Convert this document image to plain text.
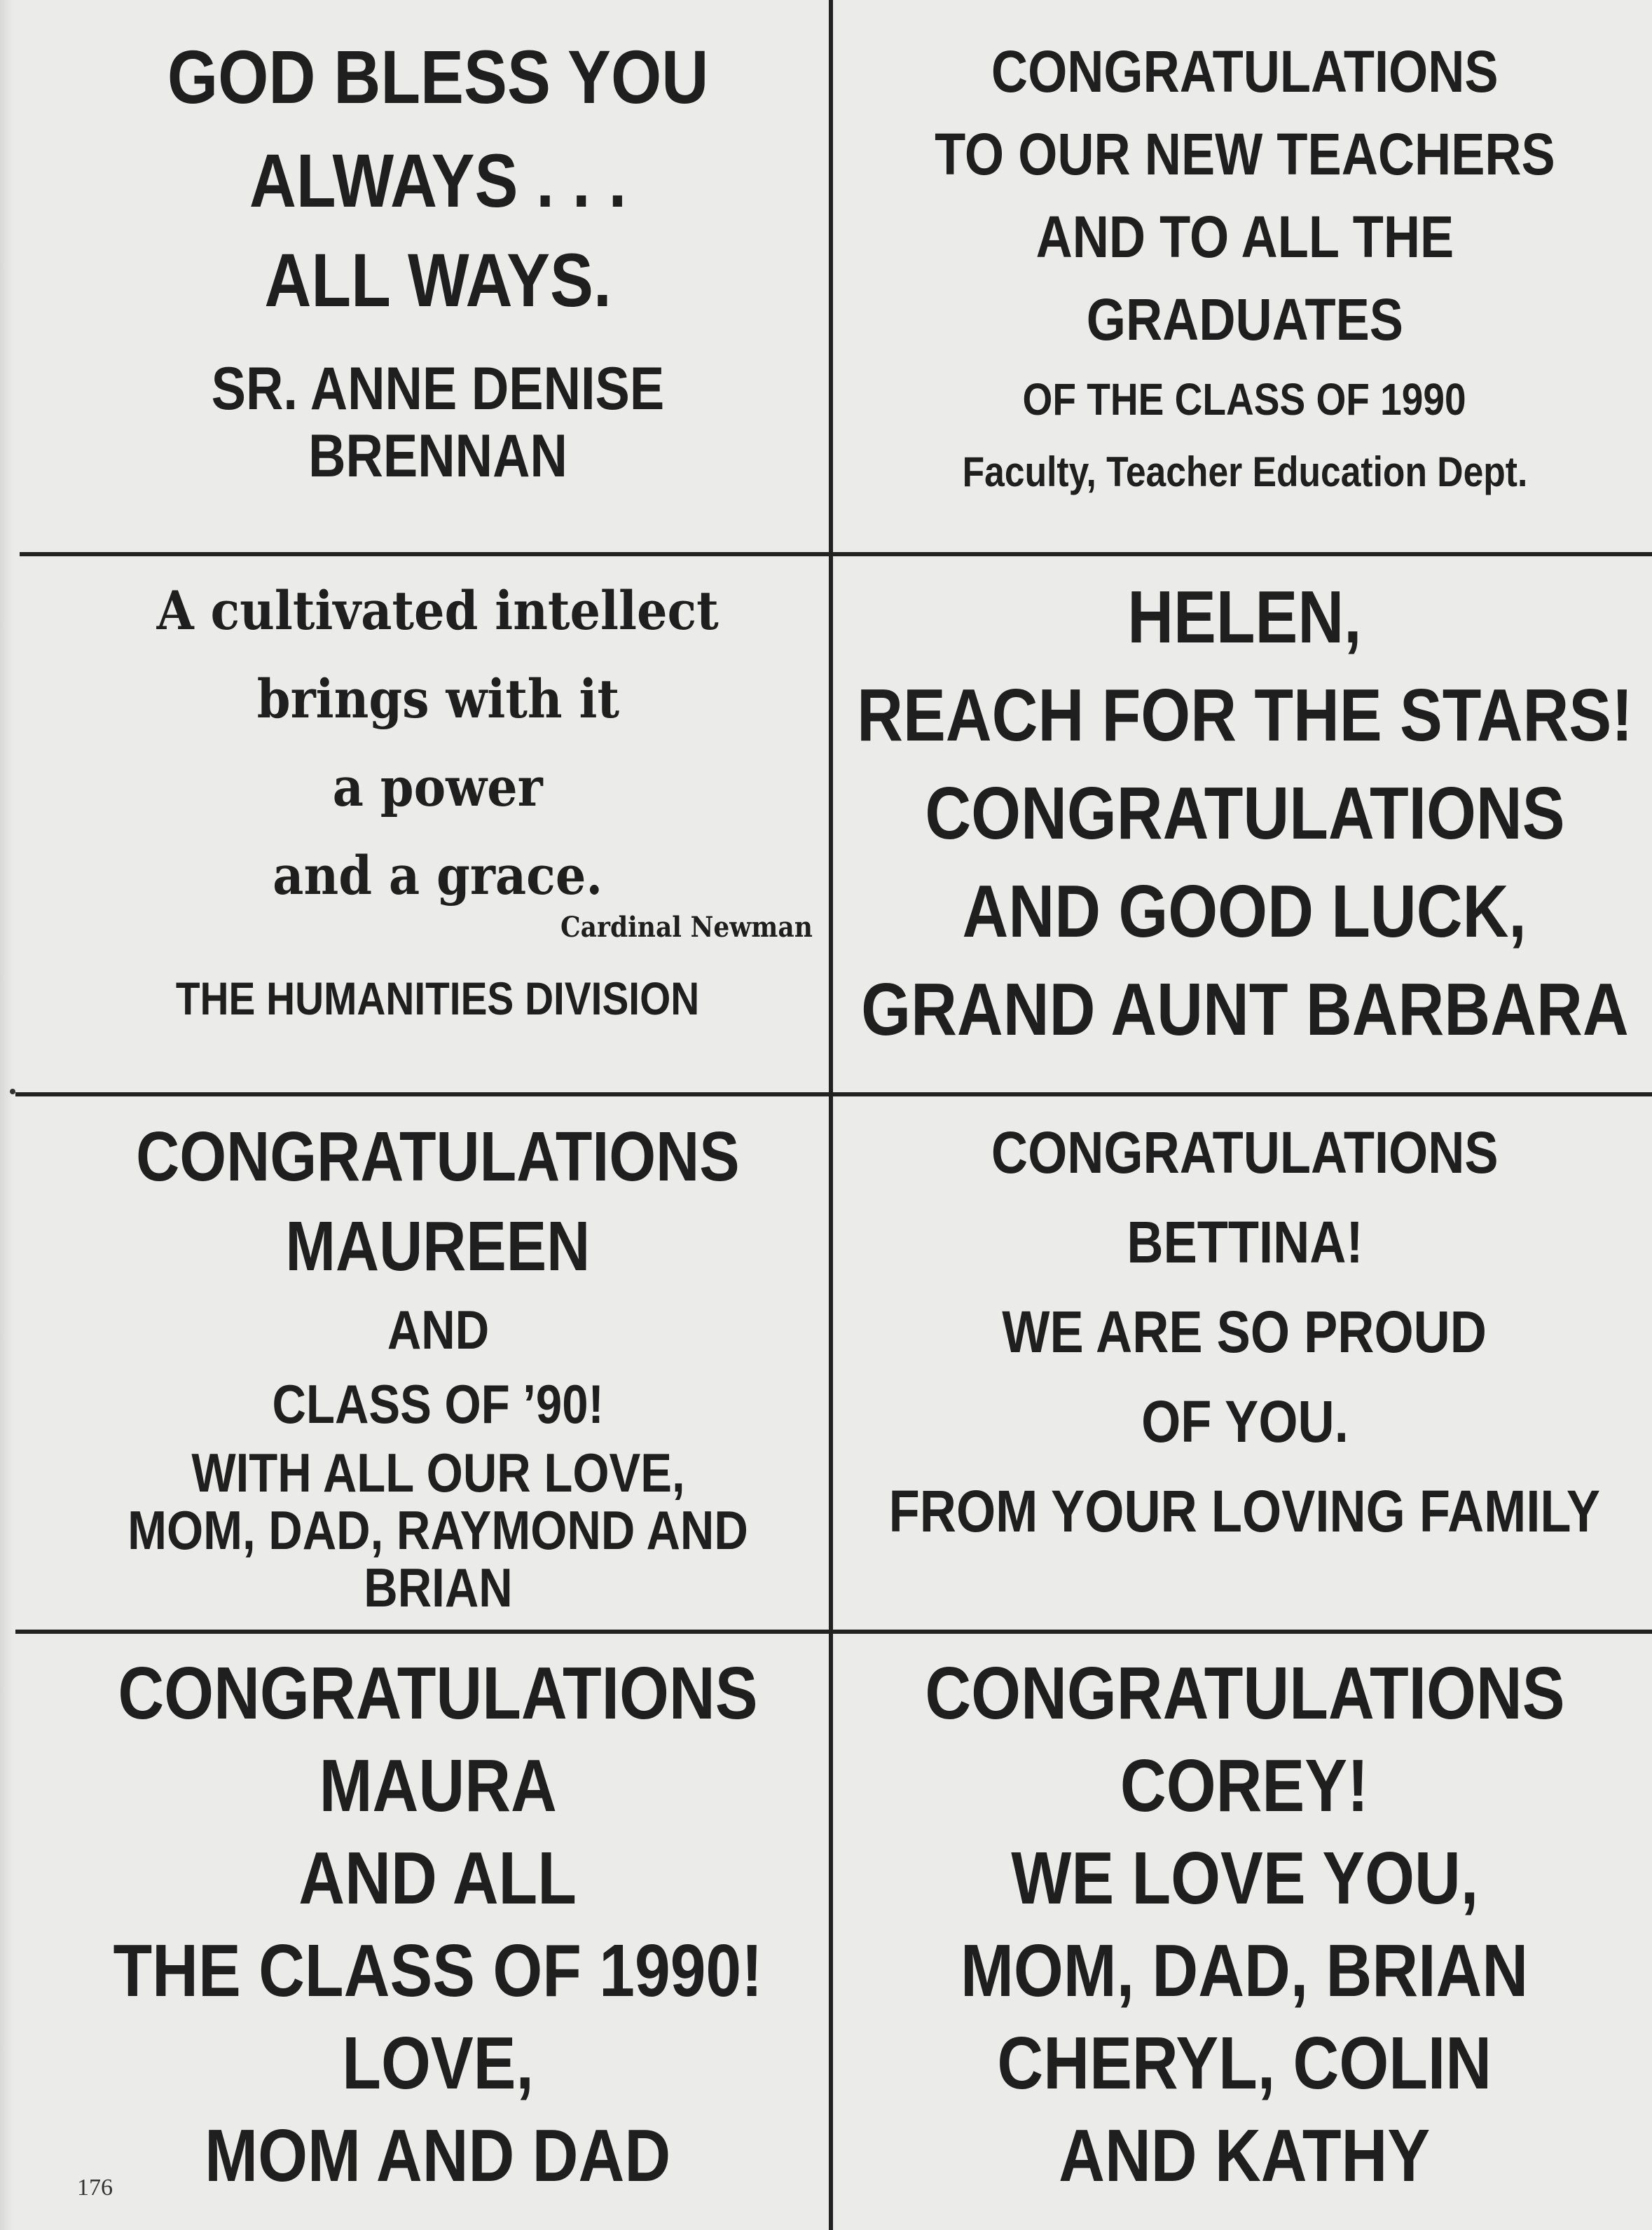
GOD BLESS YOU
ALWAYS . . .
ALL WAYS.
SR. ANNE DENISE
BRENNAN
CONGRATULATIONS
TO OUR NEW TEACHERS
AND TO ALL THE
GRADUATES
OF THE CLASS OF 1990
Faculty, Teacher Education Dept.
A cultivated intellect
brings with it
a power
and a grace.
Cardinal Newman
THE HUMANITIES DIVISION
HELEN,
REACH FOR THE STARS!
CONGRATULATIONS
AND GOOD LUCK,
GRAND AUNT BARBARA
CONGRATULATIONS
MAUREEN
AND
CLASS OF ’90!
WITH ALL OUR LOVE,
MOM, DAD, RAYMOND AND
BRIAN
CONGRATULATIONS
BETTINA!
WE ARE SO PROUD
OF YOU.
FROM YOUR LOVING FAMILY
CONGRATULATIONS
MAURA
AND ALL
THE CLASS OF 1990!
LOVE,
MOM AND DAD
CONGRATULATIONS
COREY!
WE LOVE YOU,
MOM, DAD, BRIAN
CHERYL, COLIN
AND KATHY
176
